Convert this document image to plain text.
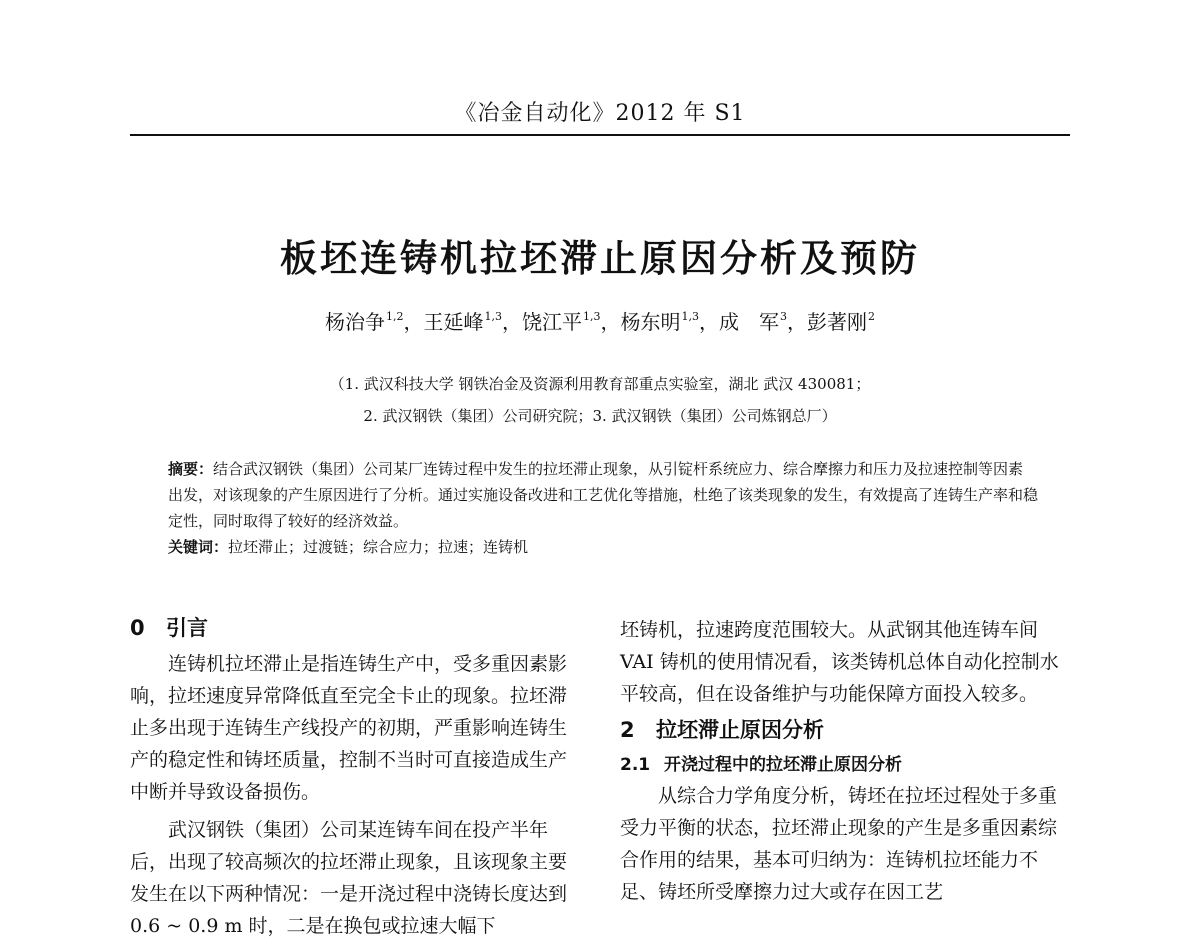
《冶金自动化》2012 年 S1
板坯连铸机拉坯滞止原因分析及预防
杨治争$^{1,2}$，王延峰$^{1,3}$，饶江平$^{1,3}$，杨东明$^{1,3}$，成　军$^3$，彭著刚$^2$
（1. 武汉科技大学 钢铁冶金及资源利用教育部重点实验室，湖北 武汉 430081；
2. 武汉钢铁（集团）公司研究院；3. 武汉钢铁（集团）公司炼钢总厂）

摘要：结合武汉钢铁（集团）公司某厂连铸过程中发生的拉坯滞止现象，从引锭杆系统应力、综合摩擦力和压力及拉速控制等因素出发，对该现象的产生原因进行了分析。通过实施设备改进和工艺优化等措施，杜绝了该类现象的发生，有效提高了连铸生产率和稳定性，同时取得了较好的经济效益。

关键词：拉坯滞止；过渡链；综合应力；拉速；连铸机

0 引言

连铸机拉坯滞止是指连铸生产中，受多重因素影响，拉坯速度异常降低直至完全卡止的现象。拉坯滞止多出现于连铸生产线投产的初期，严重影响连铸生产的稳定性和铸坯质量，控制不当时可直接造成生产中断并导致设备损伤。

武汉钢铁（集团）公司某连铸车间在投产半年后，出现了较高频次的拉坯滞止现象，且该现象主要发生在以下两种情况：一是开浇过程中浇铸长度达到 0.6 ~ 0.9 m 时，二是在换包或拉速大幅下

坯铸机，拉速跨度范围较大。从武钢其他连铸车间 VAI 铸机的使用情况看，该类铸机总体自动化控制水平较高，但在设备维护与功能保障方面投入较多。

2 拉坯滞止原因分析
2.1 开浇过程中的拉坯滞止原因分析

从综合力学角度分析，铸坯在拉坯过程处于多重受力平衡的状态，拉坯滞止现象的产生是多重因素综合作用的结果，基本可归纳为：连铸机拉坯能力不足、铸坯所受摩擦力过大或存在因工艺
